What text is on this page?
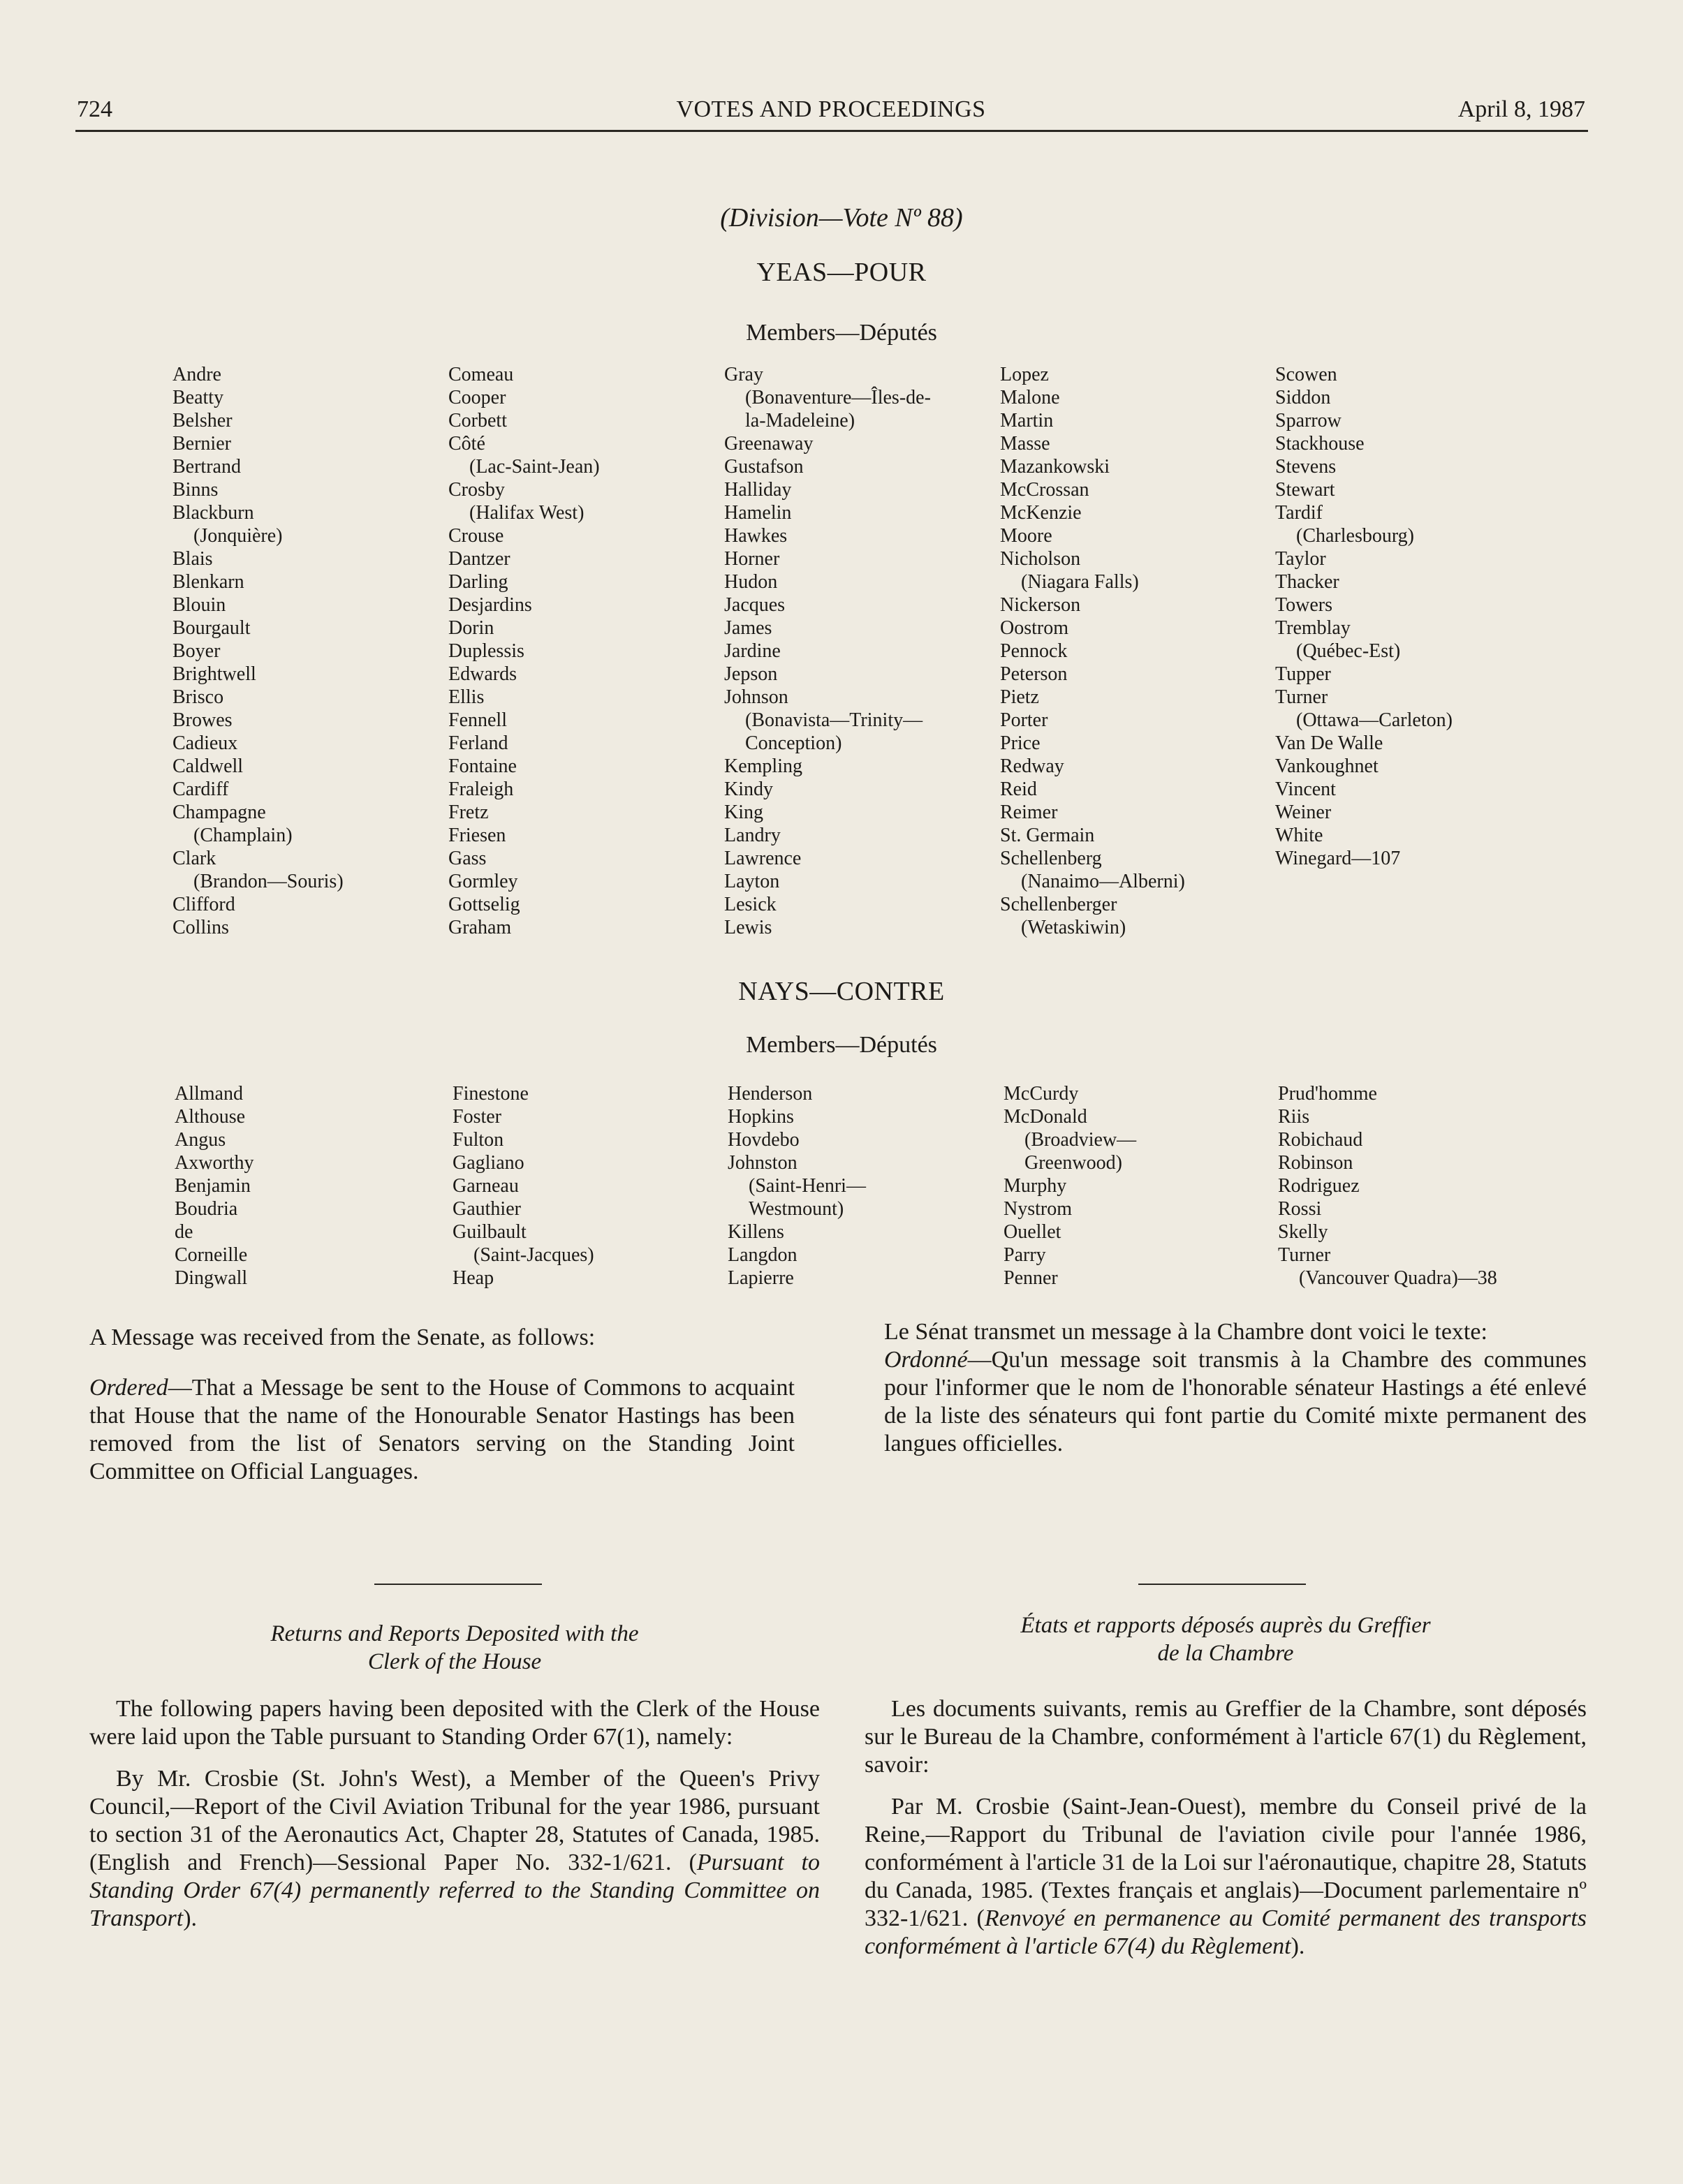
724	VOTES AND PROCEEDINGS	April 8, 1987
(Division—Vote Nº 88)
YEAS—POUR
Members—Députés
Andre
Beatty
Belsher
Bernier
Bertrand
Binns
Blackburn
(Jonquière)
Blais
Blenkarn
Blouin
Bourgault
Boyer
Brightwell
Brisco
Browes
Cadieux
Caldwell
Cardiff
Champagne
(Champlain)
Clark
(Brandon—Souris)
Clifford
Collins
Comeau
Cooper
Corbett
Côté
(Lac-Saint-Jean)
Crosby
(Halifax West)
Crouse
Dantzer
Darling
Desjardins
Dorin
Duplessis
Edwards
Ellis
Fennell
Ferland
Fontaine
Fraleigh
Fretz
Friesen
Gass
Gormley
Gottselig
Graham
Gray
(Bonaventure—Îles-de-
la-Madeleine)
Greenaway
Gustafson
Halliday
Hamelin
Hawkes
Horner
Hudon
Jacques
James
Jardine
Jepson
Johnson
(Bonavista—Trinity—
Conception)
Kempling
Kindy
King
Landry
Lawrence
Layton
Lesick
Lewis
Lopez
Malone
Martin
Masse
Mazankowski
McCrossan
McKenzie
Moore
Nicholson
(Niagara Falls)
Nickerson
Oostrom
Pennock
Peterson
Pietz
Porter
Price
Redway
Reid
Reimer
St. Germain
Schellenberg
(Nanaimo—Alberni)
Schellenberger
(Wetaskiwin)
Scowen
Siddon
Sparrow
Stackhouse
Stevens
Stewart
Tardif
(Charlesbourg)
Taylor
Thacker
Towers
Tremblay
(Québec-Est)
Tupper
Turner
(Ottawa—Carleton)
Van De Walle
Vankoughnet
Vincent
Weiner
White
Winegard—107
NAYS—CONTRE
Members—Députés
Allmand
Althouse
Angus
Axworthy
Benjamin
Boudria
de
Corneille
Dingwall
Finestone
Foster
Fulton
Gagliano
Garneau
Gauthier
Guilbault
(Saint-Jacques)
Heap
Henderson
Hopkins
Hovdebo
Johnston
(Saint-Henri—
Westmount)
Killens
Langdon
Lapierre
McCurdy
McDonald
(Broadview—
Greenwood)
Murphy
Nystrom
Ouellet
Parry
Penner
Prud'homme
Riis
Robichaud
Robinson
Rodriguez
Rossi
Skelly
Turner
(Vancouver Quadra)—38

A Message was received from the Senate, as follows:

Ordered—That a Message be sent to the House of Commons to acquaint that House that the name of the Honourable Senator Hastings has been removed from the list of Senators serving on the Standing Joint Committee on Official Languages.

Le Sénat transmet un message à la Chambre dont voici le texte:

Ordonné—Qu'un message soit transmis à la Chambre des communes pour l'informer que le nom de l'honorable sénateur Hastings a été enlevé de la liste des sénateurs qui font partie du Comité mixte permanent des langues officielles.

Returns and Reports Deposited with the
Clerk of the House
États et rapports déposés auprès du Greffier
de la Chambre

The following papers having been deposited with the Clerk of the House were laid upon the Table pursuant to Standing Order 67(1), namely:

By Mr. Crosbie (St. John's West), a Member of the Queen's Privy Council,—Report of the Civil Aviation Tribunal for the year 1986, pursuant to section 31 of the Aeronautics Act, Chapter 28, Statutes of Canada, 1985. (English and French)—Sessional Paper No. 332-1/621. (Pursuant to Standing Order 67(4) permanently referred to the Standing Committee on Transport).

Les documents suivants, remis au Greffier de la Chambre, sont déposés sur le Bureau de la Chambre, conformément à l'article 67(1) du Règlement, savoir:

Par M. Crosbie (Saint-Jean-Ouest), membre du Conseil privé de la Reine,—Rapport du Tribunal de l'aviation civile pour l'année 1986, conformément à l'article 31 de la Loi sur l'aéronautique, chapitre 28, Statuts du Canada, 1985. (Textes français et anglais)—Document parlementaire nº 332-1/621. (Renvoyé en permanence au Comité permanent des transports conformément à l'article 67(4) du Règlement).
